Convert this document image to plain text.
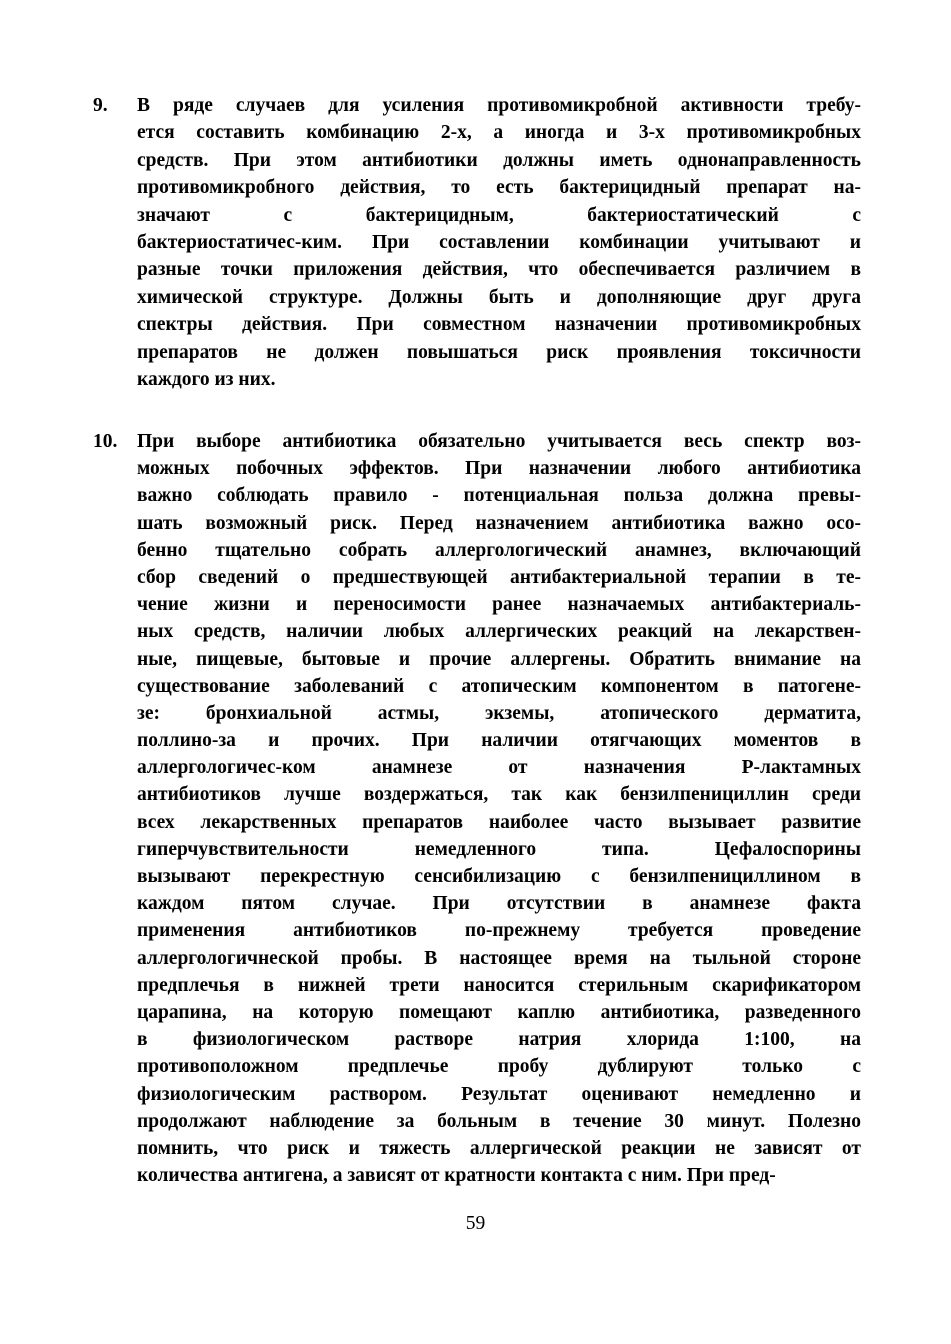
9. В ряде случаев для усиления противомикробной активности требу-
ется составить комбинацию 2-х, а иногда и 3-х противомикробных
средств. При этом антибиотики должны иметь однонаправленность
противомикробного действия, то есть бактерицидный препарат на-
значают с бактерицидным, бактериостатический с
бактериостатичес-ким. При составлении комбинации учитывают и
разные точки приложения действия, что обеспечивается различием в
химической структуре. Должны быть и дополняющие друг друга
спектры действия. При совместном назначении противомикробных
препаратов не должен повышаться риск проявления токсичности
каждого из них.

10. При выборе антибиотика обязательно учитывается весь спектр воз-
можных побочных эффектов. При назначении любого антибиотика
важно соблюдать правило - потенциальная польза должна превы-
шать возможный риск. Перед назначением антибиотика важно осо-
бенно тщательно собрать аллергологический анамнез, включающий
сбор сведений о предшествующей антибактериальной терапии в те-
чение жизни и переносимости ранее назначаемых антибактериаль-
ных средств, наличии любых аллергических реакций на лекарствен-
ные, пищевые, бытовые и прочие аллергены. Обратить внимание на
существование заболеваний с атопическим компонентом в патогене-
зе: бронхиальной астмы, экземы, атопического дерматита,
поллино-за и прочих. При наличии отягчающих моментов в
аллергологичес-ком анамнезе от назначения Р-лактамных
антибиотиков лучше воздержаться, так как бензилпенициллин среди
всех лекарственных препаратов наиболее часто вызывает развитие
гиперчувствительности немедленного типа. Цефалоспорины
вызывают перекрестную сенсибилизацию с бензилпенициллином в
каждом пятом случае. При отсутствии в анамнезе факта
применения антибиотиков по-прежнему требуется проведение
аллергологичнеской пробы. В настоящее время на тыльной стороне
предплечья в нижней трети наносится стерильным скарификатором
царапина, на которую помещают каплю антибиотика, разведенного
в физиологическом растворе натрия хлорида 1:100, на
противоположном предплечье пробу дублируют только с
физиологическим раствором. Результат оценивают немедленно и
продолжают наблюдение за больным в течение 30 минут. Полезно
помнить, что риск и тяжесть аллергической реакции не зависят от
количества антигена, а зависят от кратности контакта с ним. При пред-

59
